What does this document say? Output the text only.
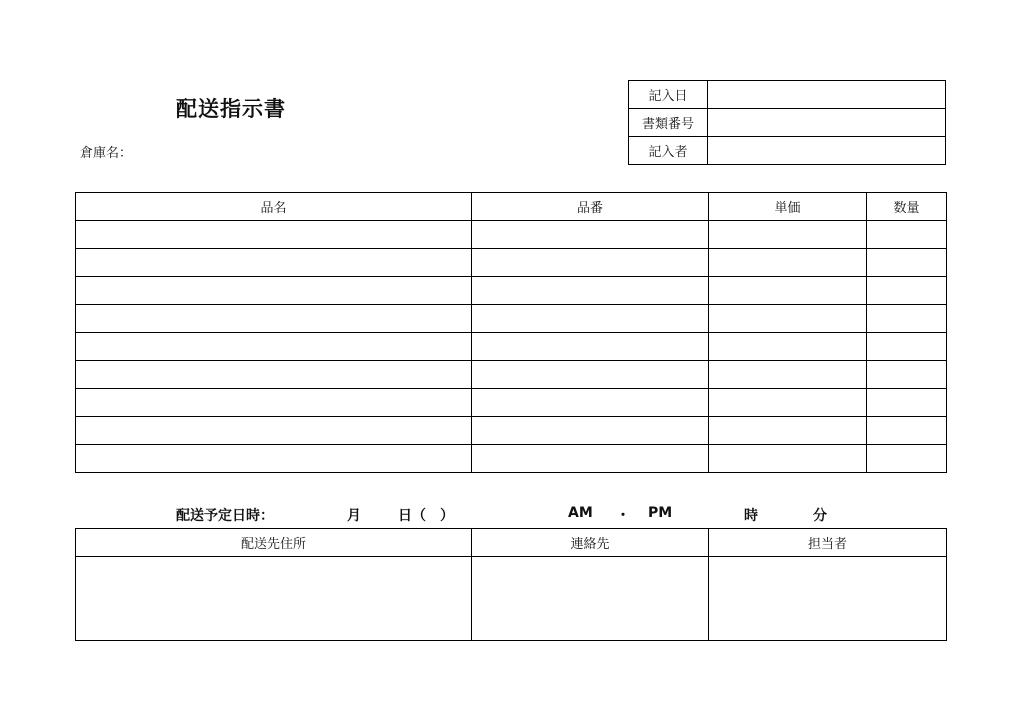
配送指示書
倉庫名：
記入日	
書類番号	
記入者	
品名	品番	単価	数量

配送予定日時：	月	日（　）	AM ・ PM	時	分
配送先住所	連絡先	担当者
